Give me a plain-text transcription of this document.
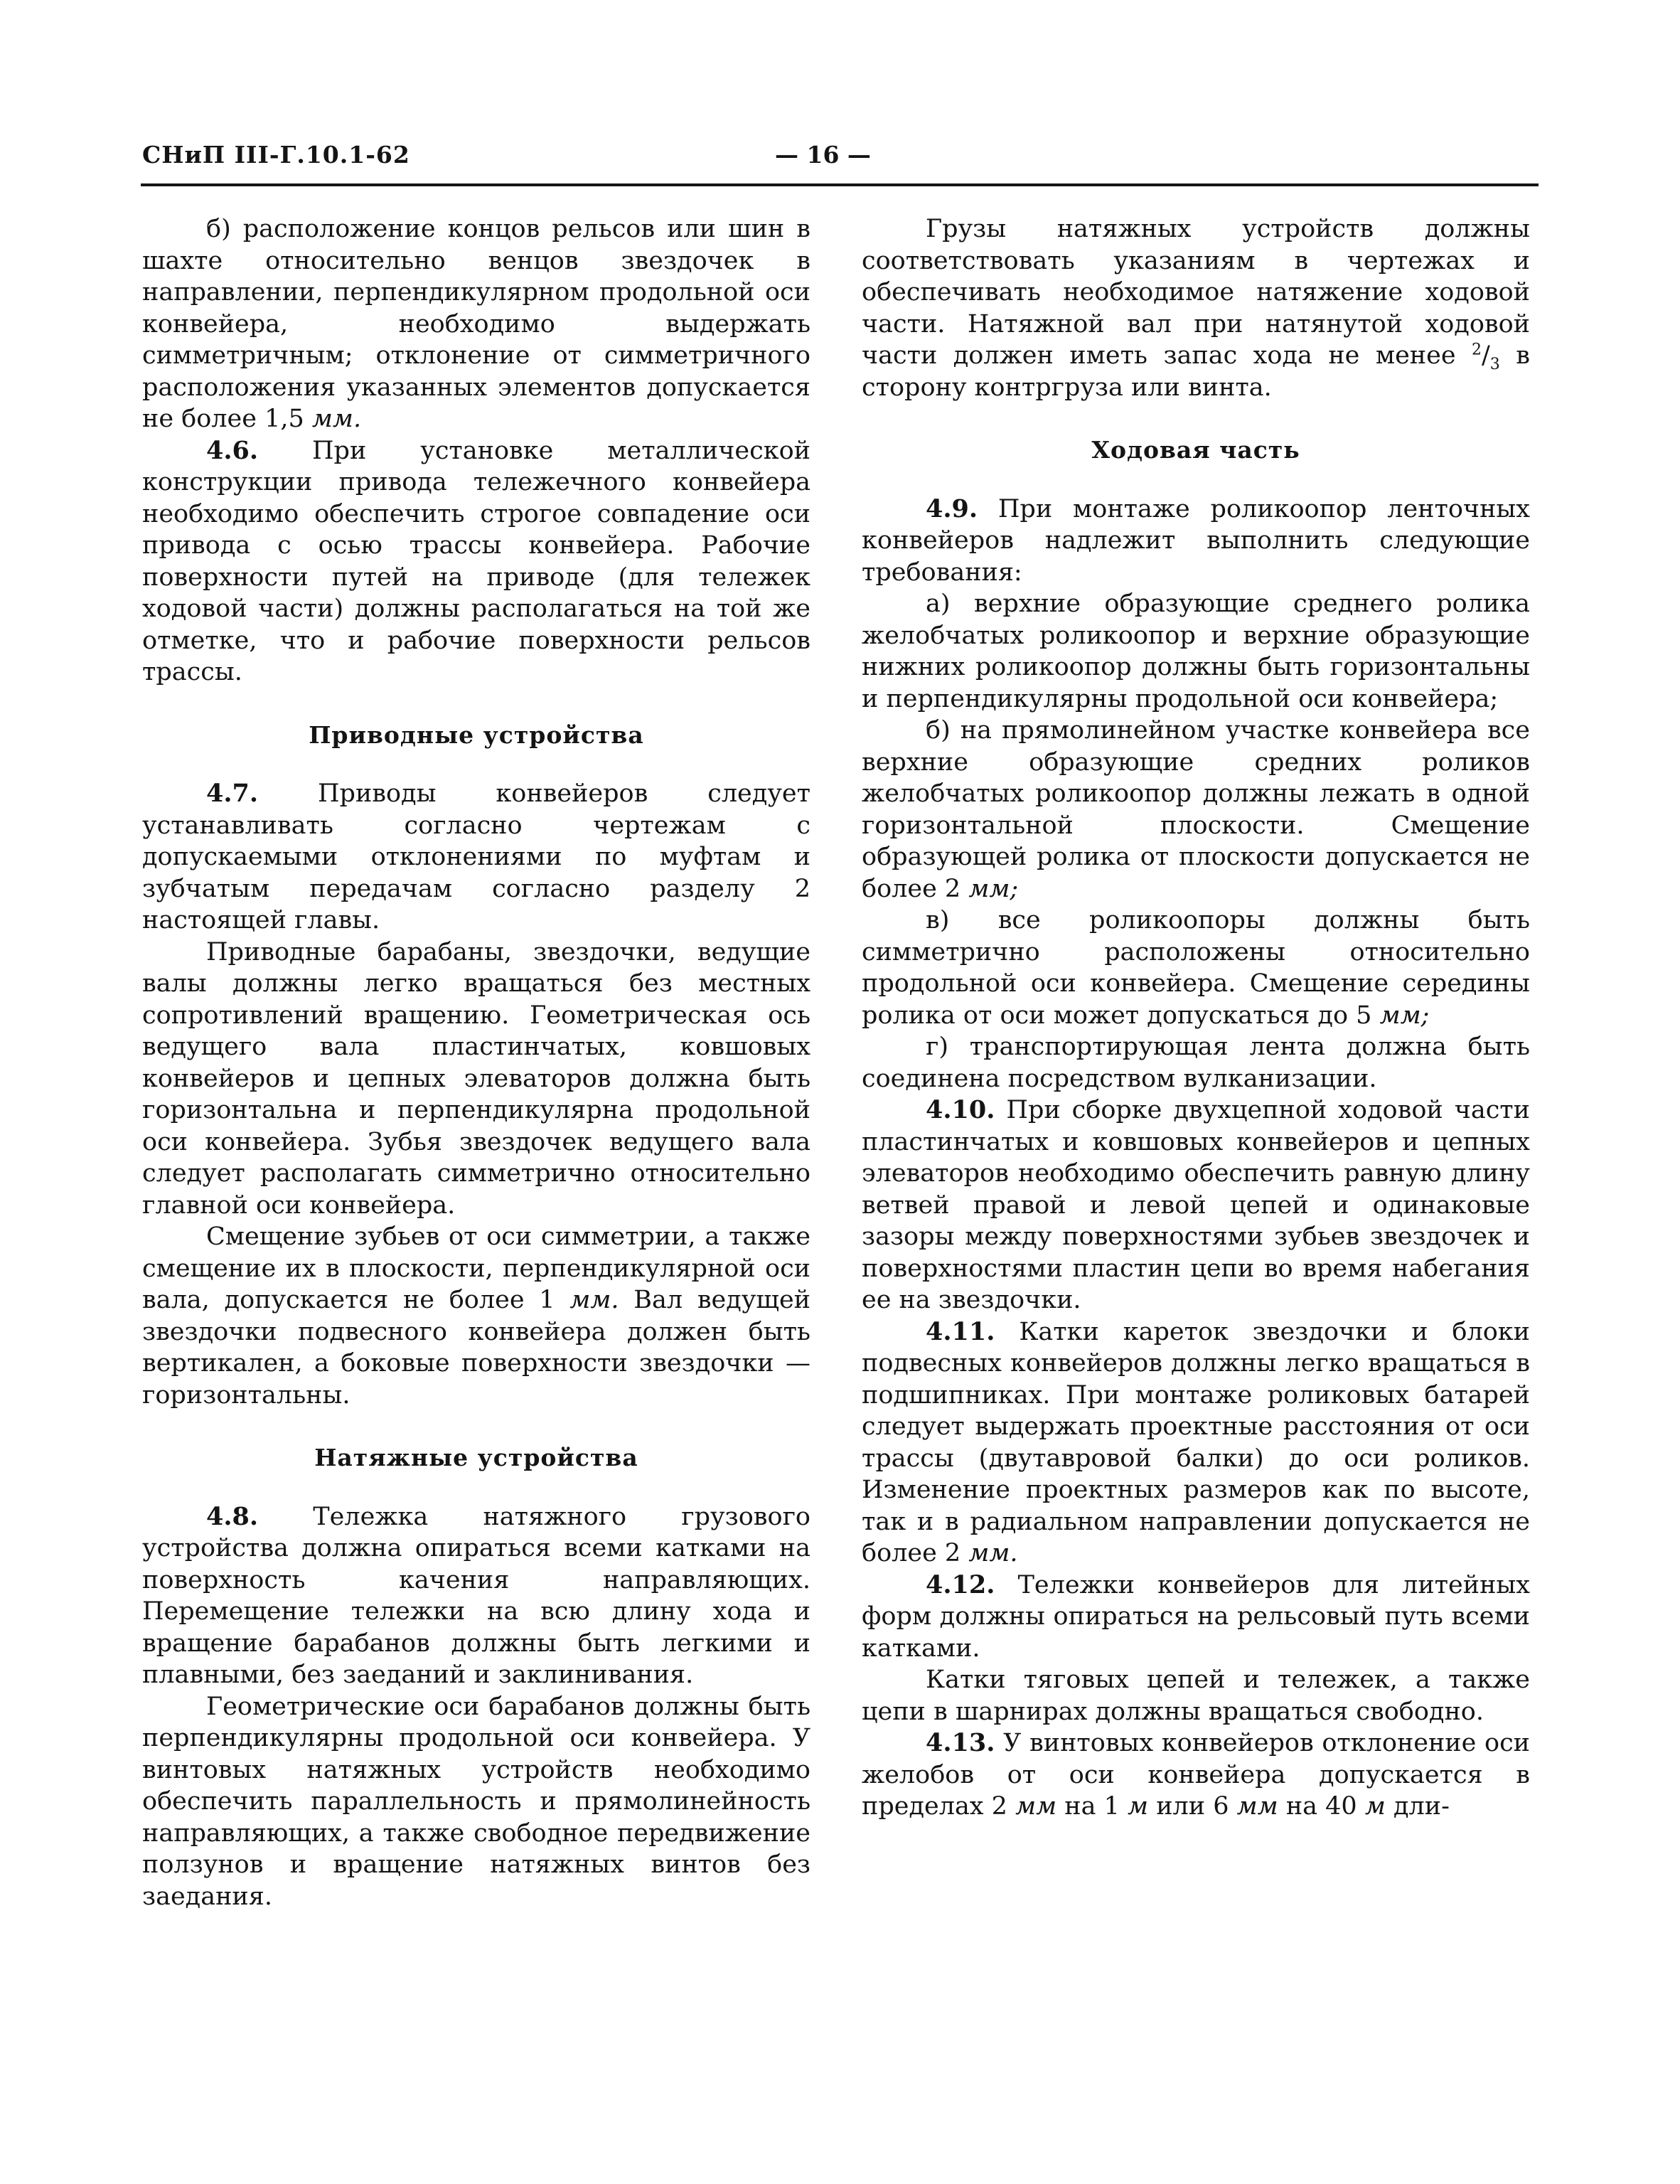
СНиП III-Г.10.1-62	— 16 —

б) расположение концов рельсов или шин в шахте относительно венцов звездочек в направлении, перпендикулярном продольной оси конвейера, необходимо выдержать симметричным; отклонение от симметричного расположения указанных элементов допускается не более 1,5 мм.

4.6. При установке металлической конструкции привода тележечного конвейера необходимо обеспечить строгое совпадение оси привода с осью трассы конвейера. Рабочие поверхности путей на приводе (для тележек ходовой части) должны располагаться на той же отметке, что и рабочие поверхности рельсов трассы.

Приводные устройства

4.7. Приводы конвейеров следует устанавливать согласно чертежам с допускаемыми отклонениями по муфтам и зубчатым передачам согласно разделу 2 настоящей главы.

Приводные барабаны, звездочки, ведущие валы должны легко вращаться без местных сопротивлений вращению. Геометрическая ось ведущего вала пластинчатых, ковшовых конвейеров и цепных элеваторов должна быть горизонтальна и перпендикулярна продольной оси конвейера. Зубья звездочек ведущего вала следует располагать симметрично относительно главной оси конвейера.

Смещение зубьев от оси симметрии, а также смещение их в плоскости, перпендикулярной оси вала, допускается не более 1 мм. Вал ведущей звездочки подвесного конвейера должен быть вертикален, а боковые поверхности звездочки — горизонтальны.

Натяжные устройства

4.8. Тележка натяжного грузового устройства должна опираться всеми катками на поверхность качения направляющих. Перемещение тележки на всю длину хода и вращение барабанов должны быть легкими и плавными, без заеданий и заклинивания.

Геометрические оси барабанов должны быть перпендикулярны продольной оси конвейера. У винтовых натяжных устройств необходимо обеспечить параллельность и прямолинейность направляющих, а также свободное передвижение ползунов и вращение натяжных винтов без заедания.

Грузы натяжных устройств должны соответствовать указаниям в чертежах и обеспечивать необходимое натяжение ходовой части. Натяжной вал при натянутой ходовой части должен иметь запас хода не менее $^2/_3$ в сторону контргруза или винта.

Ходовая часть

4.9. При монтаже роликоопор ленточных конвейеров надлежит выполнить следующие требования:

а) верхние образующие среднего ролика желобчатых роликоопор и верхние образующие нижних роликоопор должны быть горизонтальны и перпендикулярны продольной оси конвейера;

б) на прямолинейном участке конвейера все верхние образующие средних роликов желобчатых роликоопор должны лежать в одной горизонтальной плоскости. Смещение образующей ролика от плоскости допускается не более 2 мм;

в) все роликоопоры должны быть симметрично расположены относительно продольной оси конвейера. Смещение середины ролика от оси может допускаться до 5 мм;

г) транспортирующая лента должна быть соединена посредством вулканизации.

4.10. При сборке двухцепной ходовой части пластинчатых и ковшовых конвейеров и цепных элеваторов необходимо обеспечить равную длину ветвей правой и левой цепей и одинаковые зазоры между поверхностями зубьев звездочек и поверхностями пластин цепи во время набегания ее на звездочки.

4.11. Катки кареток звездочки и блоки подвесных конвейеров должны легко вращаться в подшипниках. При монтаже роликовых батарей следует выдержать проектные расстояния от оси трассы (двутавровой балки) до оси роликов. Изменение проектных размеров как по высоте, так и в радиальном направлении допускается не более 2 мм.

4.12. Тележки конвейеров для литейных форм должны опираться на рельсовый путь всеми катками.

Катки тяговых цепей и тележек, а также цепи в шарнирах должны вращаться свободно.

4.13. У винтовых конвейеров отклонение оси желобов от оси конвейера допускается в пределах 2 мм на 1 м или 6 мм на 40 м дли-
